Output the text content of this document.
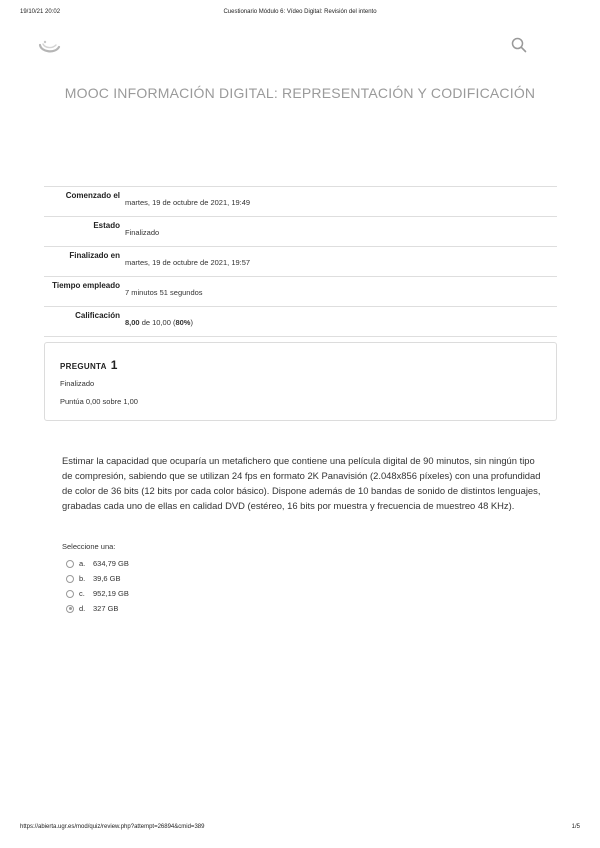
19/10/21 20:02	Cuestionario Módulo 6: Vídeo Digital: Revisión del intento
MOOC INFORMACIÓN DIGITAL: REPRESENTACIÓN Y CODIFICACIÓN
Comenzado el	martes, 19 de octubre de 2021, 19:49
Estado	Finalizado
Finalizado en	martes, 19 de octubre de 2021, 19:57
Tiempo empleado	7 minutos 51 segundos
Calificación	8,00 de 10,00 (80%)
PREGUNTA 1
Finalizado
Puntúa 0,00 sobre 1,00
Estimar la capacidad que ocuparía un metafichero que contiene una película digital de 90 minutos, sin ningún tipo de compresión, sabiendo que se utilizan 24 fps en formato 2K Panavisión (2.048x856 píxeles) con una profundidad de color de 36 bits (12 bits por cada color básico). Dispone además de 10 bandas de sonido de distintos lenguajes, grabadas cada uno de ellas en calidad DVD (estéreo, 16 bits por muestra y frecuencia de muestreo 48 KHz).
Seleccione una:
a.	634,79 GB
b.	39,6 GB
c.	952,19 GB
d.	327 GB
https://abierta.ugr.es/mod/quiz/review.php?attempt=26894&cmid=389	1/5
